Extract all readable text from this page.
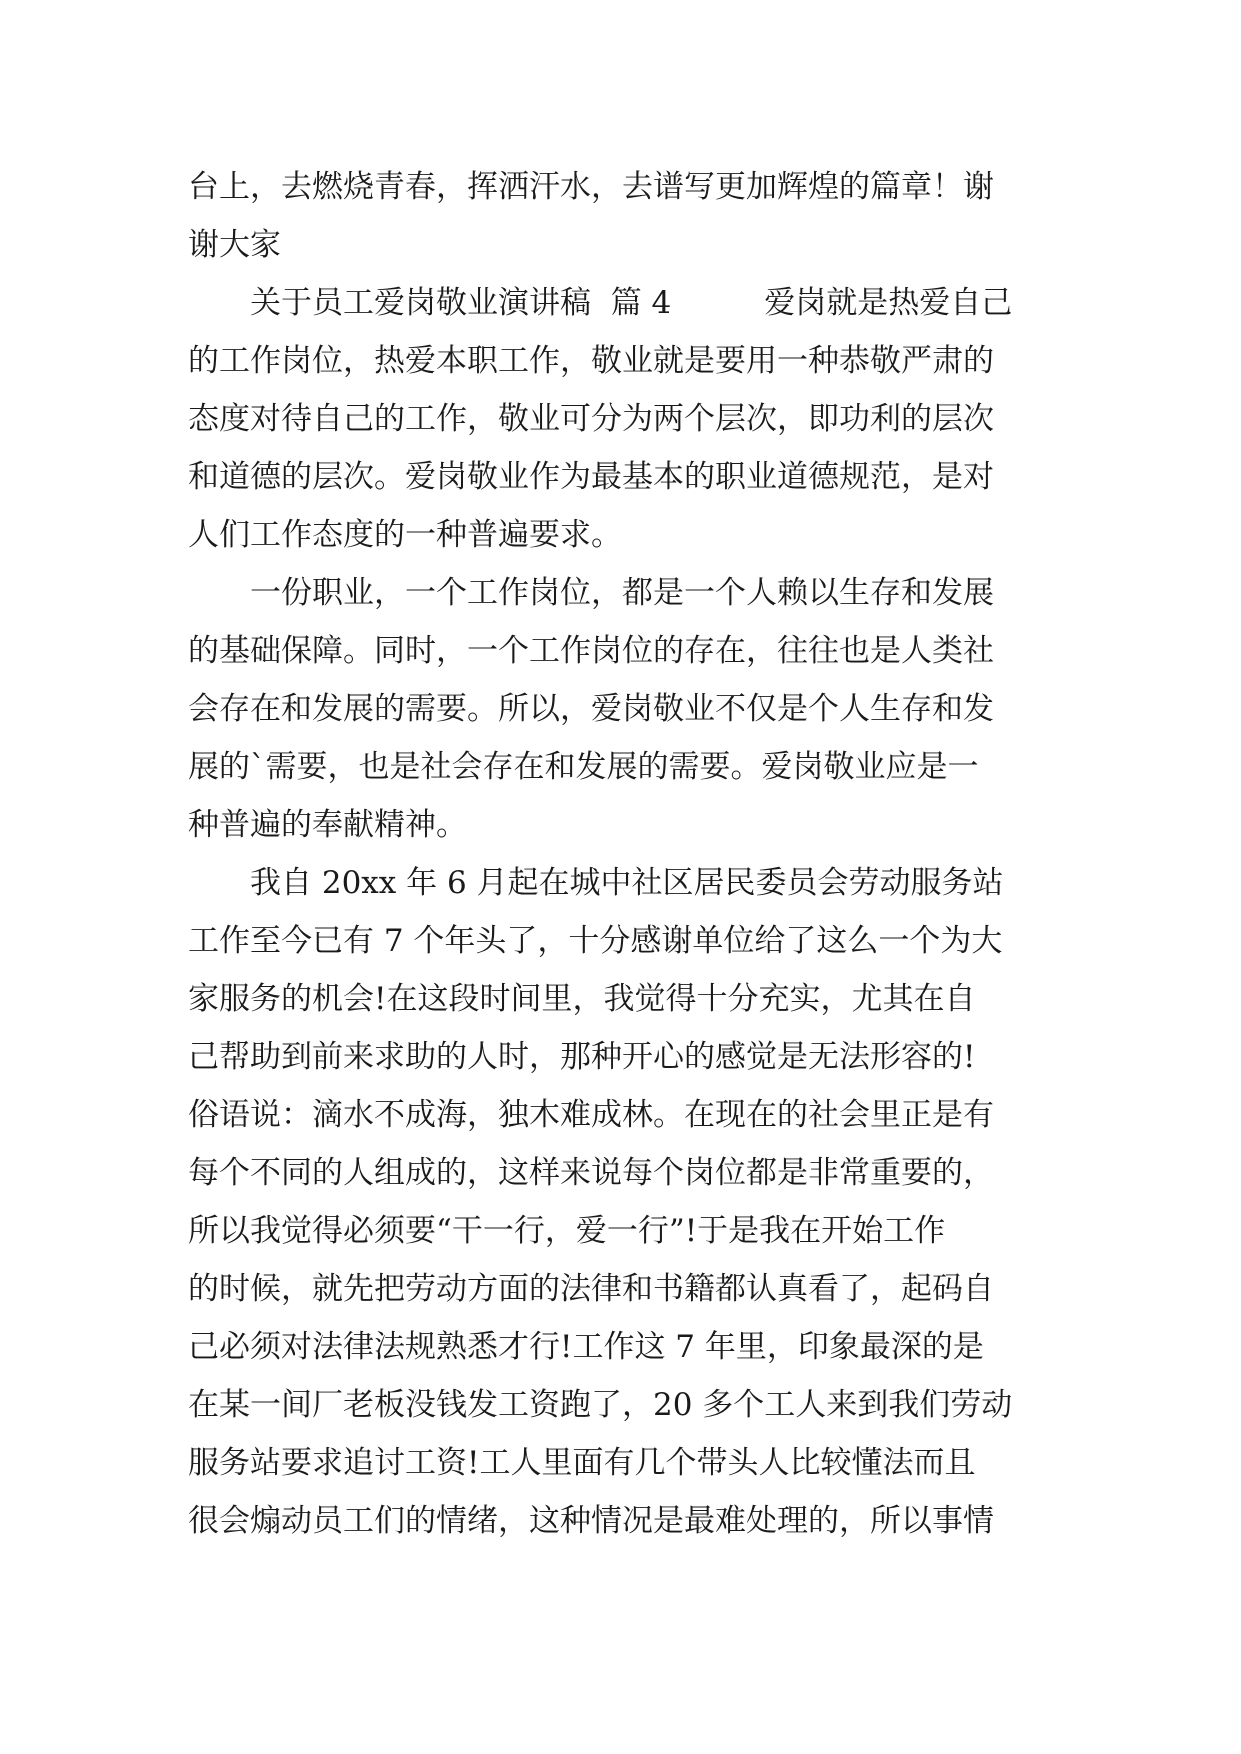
台上，去燃烧青春，挥洒汗水，去谱写更加辉煌的篇章！谢
谢大家
　　关于员工爱岗敬业演讲稿  篇 4　　　爱岗就是热爱自己
的工作岗位，热爱本职工作，敬业就是要用一种恭敬严肃的
态度对待自己的工作，敬业可分为两个层次，即功利的层次
和道德的层次。爱岗敬业作为最基本的职业道德规范，是对
人们工作态度的一种普遍要求。
　　一份职业，一个工作岗位，都是一个人赖以生存和发展
的基础保障。同时，一个工作岗位的存在，往往也是人类社
会存在和发展的需要。所以，爱岗敬业不仅是个人生存和发
展的`需要，也是社会存在和发展的需要。爱岗敬业应是一
种普遍的奉献精神。
　　我自 20xx 年 6 月起在城中社区居民委员会劳动服务站
工作至今已有 7 个年头了，十分感谢单位给了这么一个为大
家服务的机会!在这段时间里，我觉得十分充实，尤其在自
己帮助到前来求助的人时，那种开心的感觉是无法形容的!
俗语说：滴水不成海，独木难成林。在现在的社会里正是有
每个不同的人组成的，这样来说每个岗位都是非常重要的，
所以我觉得必须要“干一行，爱一行”!于是我在开始工作
的时候，就先把劳动方面的法律和书籍都认真看了，起码自
己必须对法律法规熟悉才行!工作这 7 年里，印象最深的是
在某一间厂老板没钱发工资跑了，20 多个工人来到我们劳动
服务站要求追讨工资!工人里面有几个带头人比较懂法而且
很会煽动员工们的情绪，这种情况是最难处理的，所以事情
